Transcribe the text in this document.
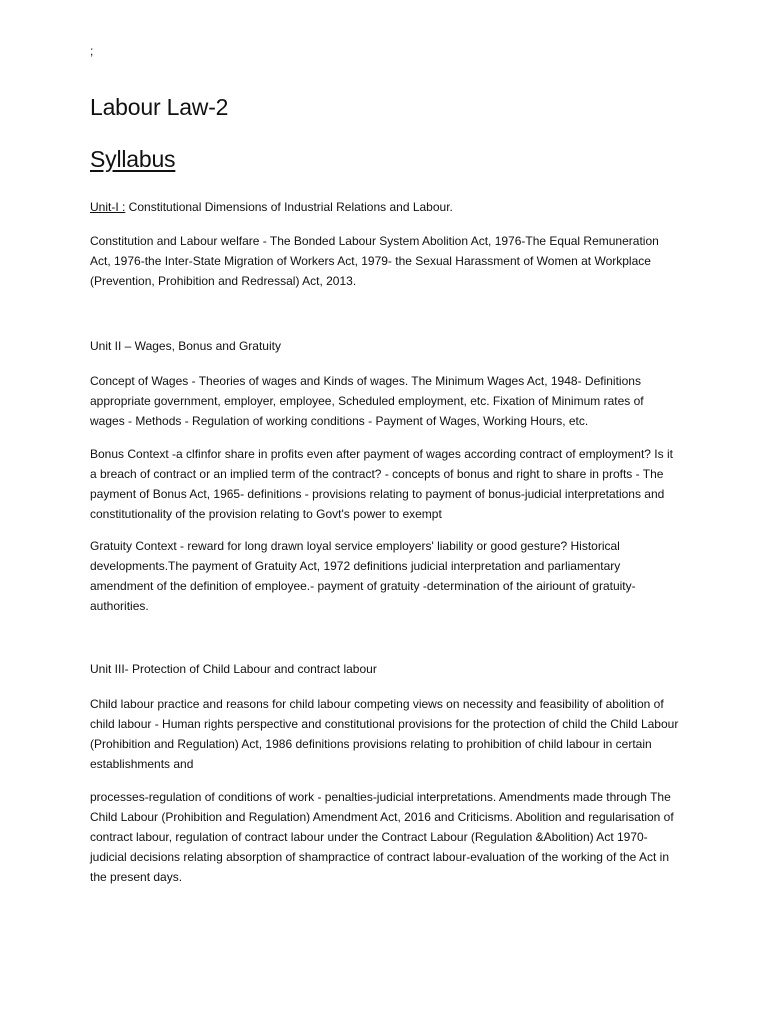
;
Labour Law-2
Syllabus
Unit-I : Constitutional Dimensions of Industrial Relations and Labour.

Constitution and Labour welfare - The Bonded Labour System Abolition Act, 1976-The Equal Remuneration Act, 1976-the Inter-State Migration of Workers Act, 1979- the Sexual Harassment of Women at Workplace (Prevention, Prohibition and Redressal) Act, 2013.

Unit II – Wages, Bonus and Gratuity

Concept of Wages - Theories of wages and Kinds of wages. The Minimum Wages Act, 1948- Definitions appropriate government, employer, employee, Scheduled employment, etc. Fixation of Minimum rates of wages - Methods - Regulation of working conditions - Payment of Wages, Working Hours, etc.

Bonus Context -a clfinfor share in profits even after payment of wages according contract of employment? Is it a breach of contract or an implied term of the contract? - concepts of bonus and right to share in profts - The payment of Bonus Act, 1965- definitions - provisions relating to payment of bonus-judicial interpretations and constitutionality of the provision relating to Govt's power to exempt

Gratuity Context - reward for long drawn loyal service employers' liability or good gesture? Historical developments.The payment of Gratuity Act, 1972 definitions judicial interpretation and parliamentary amendment of the definition of employee.- payment of gratuity -determination of the airiount of gratuity-authorities.

Unit III- Protection of Child Labour and contract labour

Child labour practice and reasons for child labour competing views on necessity and feasibility of abolition of child labour - Human rights perspective and constitutional provisions for the protection of child the Child Labour (Prohibition and Regulation) Act, 1986 definitions provisions relating to prohibition of child labour in certain establishments and

processes-regulation of conditions of work - penalties-judicial interpretations. Amendments made through The Child Labour (Prohibition and Regulation) Amendment Act, 2016 and Criticisms. Abolition and regularisation of contract labour, regulation of contract labour under the Contract Labour (Regulation &Abolition) Act 1970-judicial decisions relating absorption of shampractice of contract labour-evaluation of the working of the Act in the present days.
